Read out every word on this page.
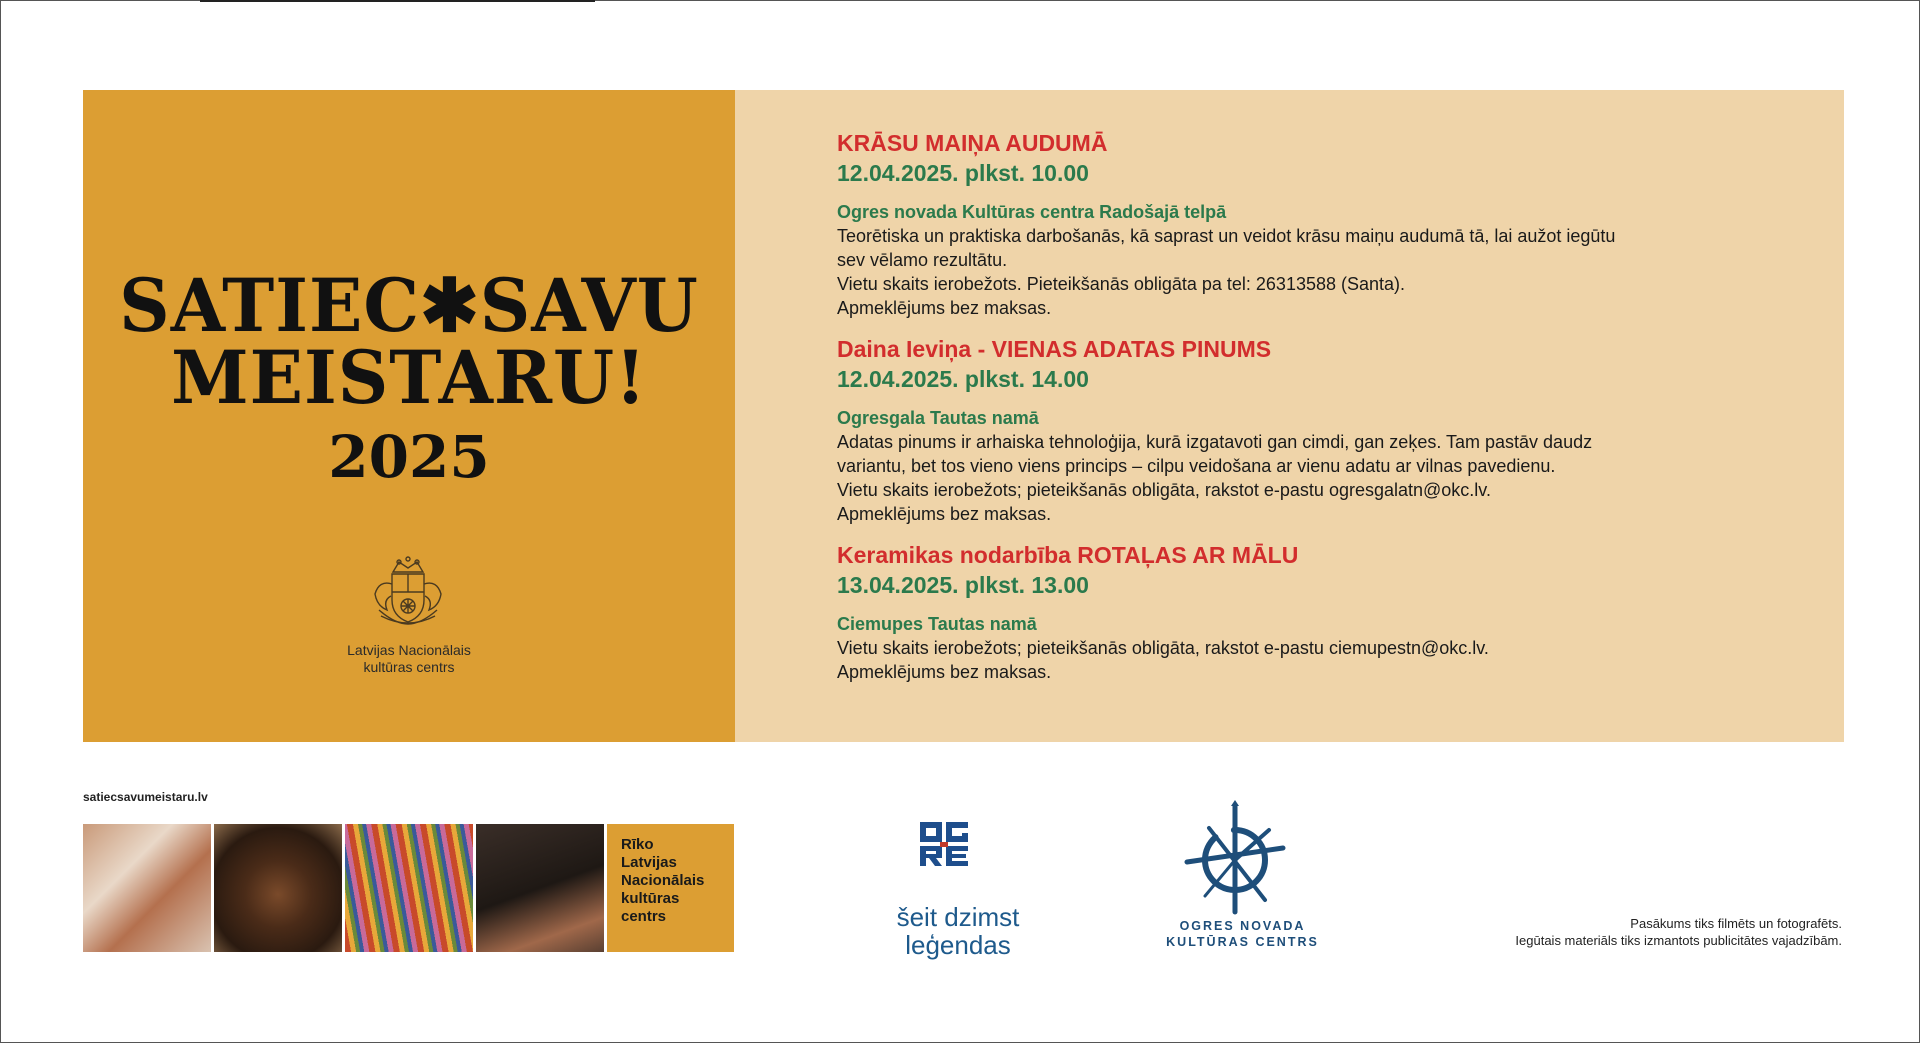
SATIEC✱SAVU
MEISTARU!
2025
Latvijas Nacionālais
kultūras centrs
KRĀSU MAIŅA AUDUMĀ
12.04.2025. plkst. 10.00
Ogres novada Kultūras centra Radošajā telpā
Teorētiska un praktiska darbošanās, kā saprast un veidot krāsu maiņu audumā tā, lai aužot iegūtu
sev vēlamo rezultātu.
Vietu skaits ierobežots. Pieteikšanās obligāta pa tel: 26313588 (Santa).
Apmeklējums bez maksas.
Daina Ieviņa - VIENAS ADATAS PINUMS
12.04.2025. plkst. 14.00
Ogresgala Tautas namā
Adatas pinums ir arhaiska tehnoloģija, kurā izgatavoti gan cimdi, gan zeķes. Tam pastāv daudz
variantu, bet tos vieno viens princips – cilpu veidošana ar vienu adatu ar vilnas pavedienu.
Vietu skaits ierobežots; pieteikšanās obligāta, rakstot e-pastu ogresgalatn@okc.lv.
Apmeklējums bez maksas.
Keramikas nodarbība ROTAĻAS AR MĀLU
13.04.2025. plkst. 13.00
Ciemupes Tautas namā
Vietu skaits ierobežots; pieteikšanās obligāta, rakstot e-pastu ciemupestn@okc.lv.
Apmeklējums bez maksas.
satiecsavumeistaru.lv
Rīko
Latvijas
Nacionālais
kultūras
centrs	šeit dzimst
leģendas
OGRES NOVADA
KULTŪRAS CENTRS
Pasākums tiks filmēts un fotografēts.
Iegūtais materiāls tiks izmantots publicitātes vajadzībām.
